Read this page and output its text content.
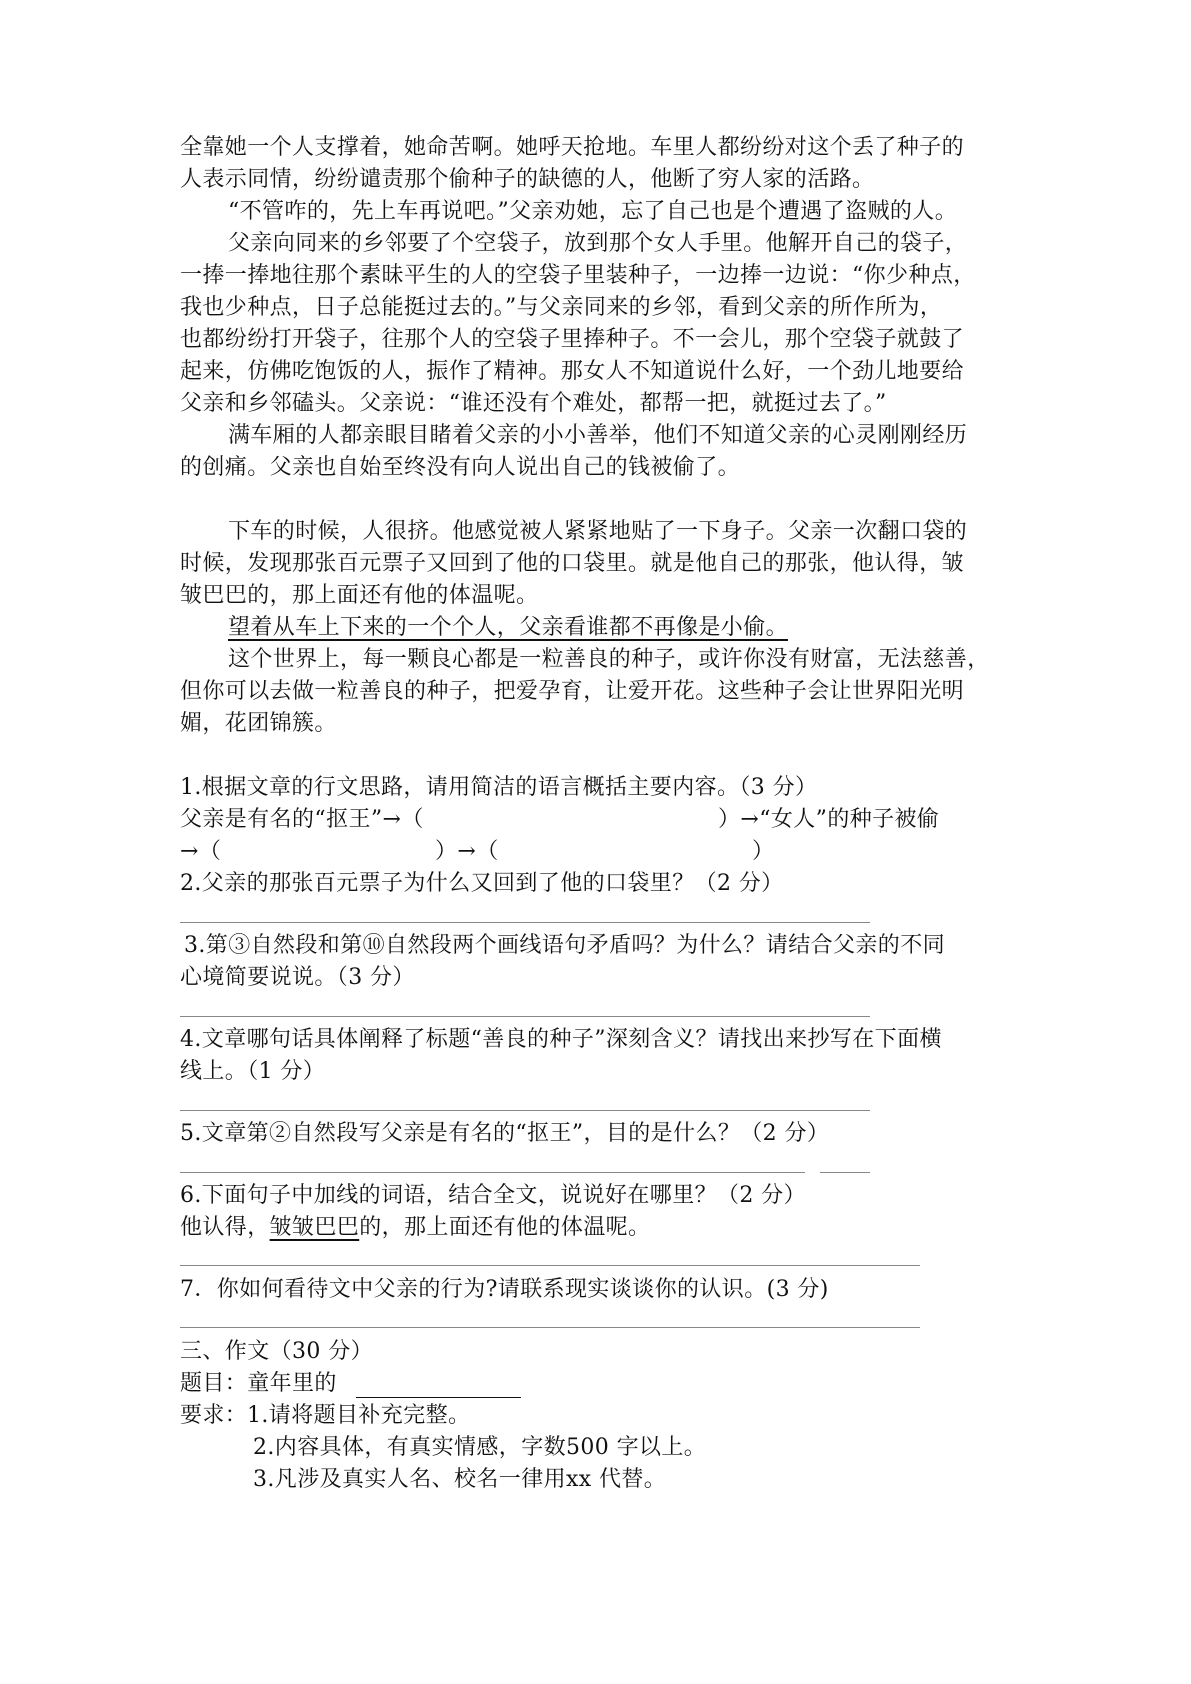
全靠她一个人支撑着，她命苦啊。她呼天抢地。车里人都纷纷对这个丢了种子的
人表示同情，纷纷谴责那个偷种子的缺德的人，他断了穷人家的活路。
“不管咋的，先上车再说吧。”父亲劝她，忘了自己也是个遭遇了盗贼的人。
父亲向同来的乡邻要了个空袋子，放到那个女人手里。他解开自己的袋子，
一捧一捧地往那个素昧平生的人的空袋子里装种子，一边捧一边说：“你少种点，
我也少种点，日子总能挺过去的。”与父亲同来的乡邻，看到父亲的所作所为，
也都纷纷打开袋子，往那个人的空袋子里捧种子。不一会儿，那个空袋子就鼓了
起来，仿佛吃饱饭的人，振作了精神。那女人不知道说什么好，一个劲儿地要给
父亲和乡邻磕头。父亲说：“谁还没有个难处，都帮一把，就挺过去了。”
满车厢的人都亲眼目睹着父亲的小小善举，他们不知道父亲的心灵刚刚经历
的创痛。父亲也自始至终没有向人说出自己的钱被偷了。
下车的时候，人很挤。他感觉被人紧紧地贴了一下身子。父亲一次翻口袋的
时候，发现那张百元票子又回到了他的口袋里。就是他自己的那张，他认得，皱
皱巴巴的，那上面还有他的体温呢。
望着从车上下来的一个个人，父亲看谁都不再像是小偷。
这个世界上，每一颗良心都是一粒善良的种子，或许你没有财富，无法慈善，
但你可以去做一粒善良的种子，把爱孕育，让爱开花。这些种子会让世界阳光明
媚，花团锦簇。
1.根据文章的行文思路，请用简洁的语言概括主要内容。（3 分）
父亲是有名的“抠王”→（	）→“女人”的种子被偷
→（	）→（	）
2.父亲的那张百元票子为什么又回到了他的口袋里？（2 分）
3.第③自然段和第⑩自然段两个画线语句矛盾吗？为什么？请结合父亲的不同
心境简要说说。（3 分）
4.文章哪句话具体阐释了标题“善良的种子”深刻含义？请找出来抄写在下面横
线上。（1 分）
5.文章第②自然段写父亲是有名的“抠王”，目的是什么？（2 分）
6.下面句子中加线的词语，结合全文，说说好在哪里？（2 分）
他认得，皱皱巴巴的，那上面还有他的体温呢。
7．你如何看待文中父亲的行为?请联系现实谈谈你的认识。(3 分)
三、作文（30 分）
题目：童年里的
要求： 1.请将题目补充完整。
2.内容具体，有真实情感，字数500 字以上。
3.凡涉及真实人名、校名一律用xx 代替。
